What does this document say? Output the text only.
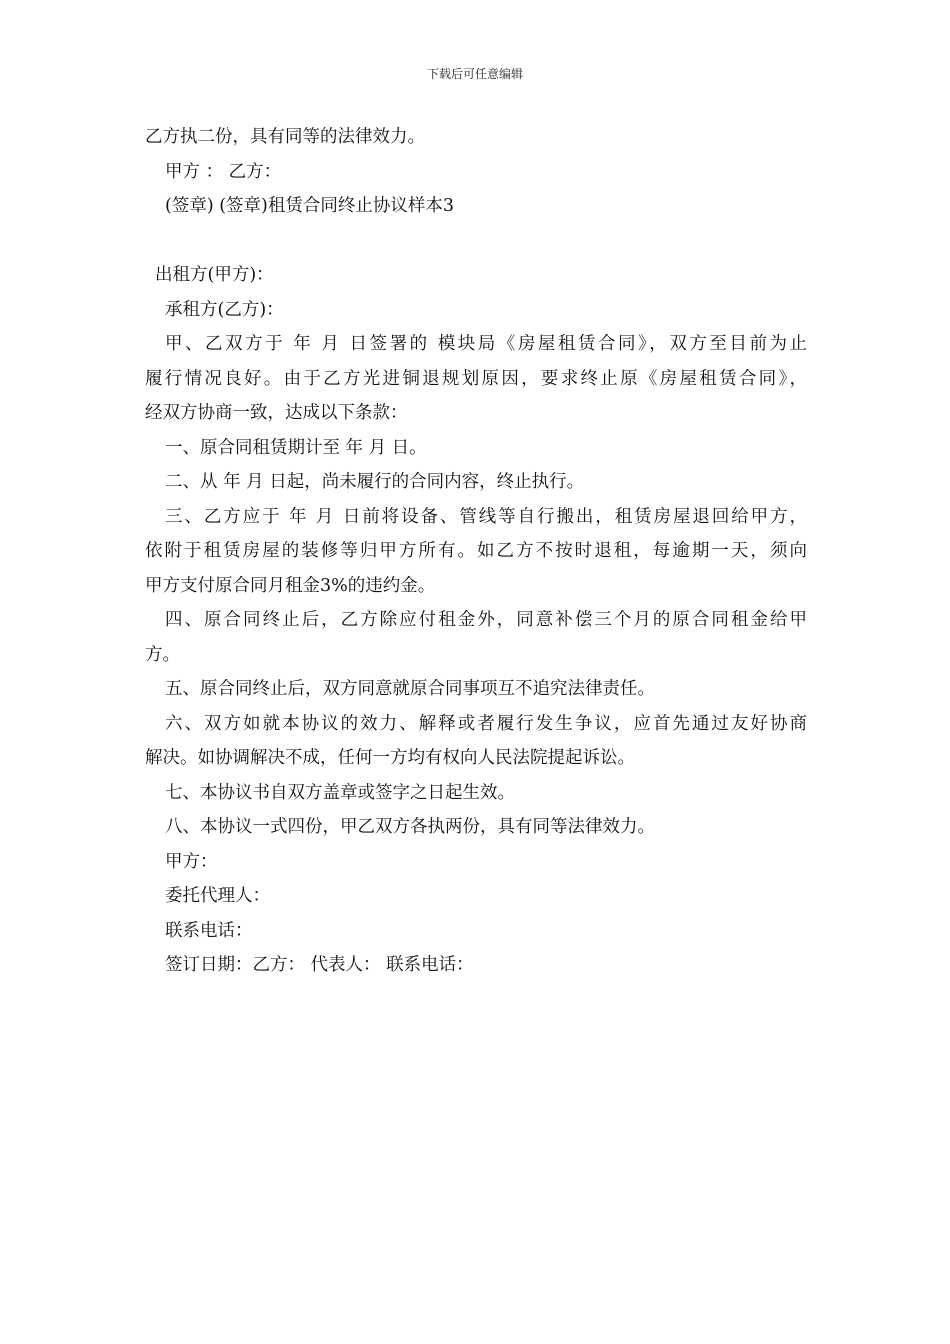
下载后可任意编辑
乙方执二份，具有同等的法律效力。
甲方 ： 乙方：
(签章) (签章)租赁合同终止协议样本3
出租方(甲方)：
承租方(乙方)：
甲、乙双方于 年 月 日签署的 模块局《房屋租赁合同》，双方至目前为止
履行情况良好。由于乙方光进铜退规划原因，要求终止原《房屋租赁合同》，
经双方协商一致，达成以下条款：
一、原合同租赁期计至 年 月 日。
二、从 年 月 日起，尚未履行的合同内容，终止执行。
三、乙方应于 年 月 日前将设备、管线等自行搬出，租赁房屋退回给甲方，
依附于租赁房屋的装修等归甲方所有。如乙方不按时退租，每逾期一天，须向
甲方支付原合同月租金3%的违约金。
四、原合同终止后，乙方除应付租金外，同意补偿三个月的原合同租金给甲
方。
五、原合同终止后，双方同意就原合同事项互不追究法律责任。
六、双方如就本协议的效力、解释或者履行发生争议，应首先通过友好协商
解决。如协调解决不成，任何一方均有权向人民法院提起诉讼。
七、本协议书自双方盖章或签字之日起生效。
八、本协议一式四份，甲乙双方各执两份，具有同等法律效力。
甲方：
委托代理人：
联系电话：
签订日期：乙方： 代表人： 联系电话：
